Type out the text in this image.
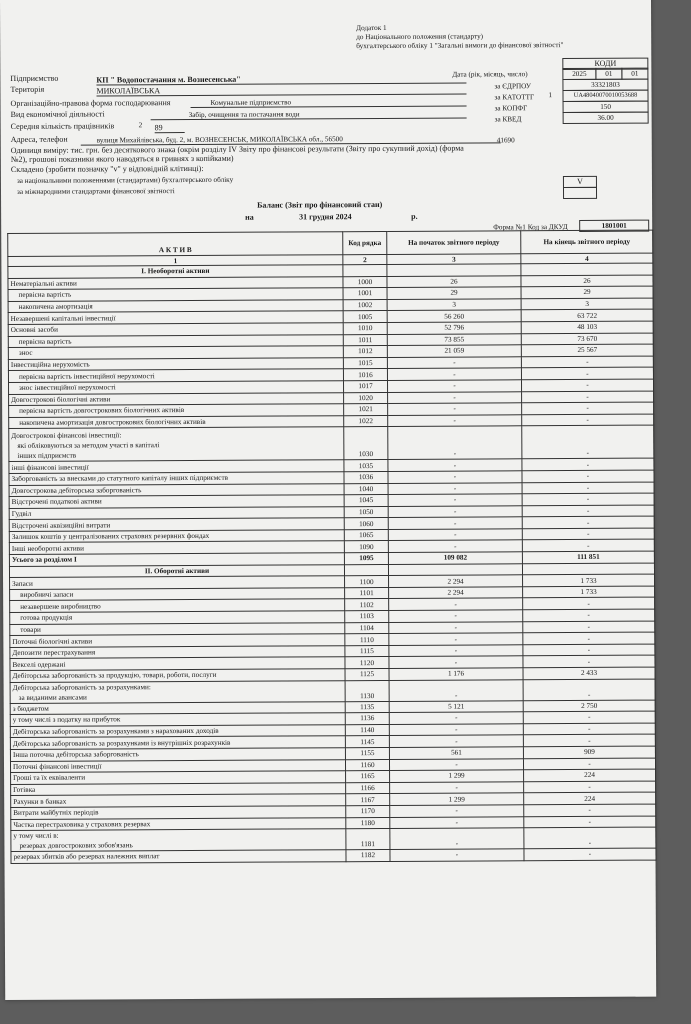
Додаток 1
до Національного положення (стандарту)
бухгалтерського обліку 1 "Загальні вимоги до фінансової звітності"
КОДИ
Дата (рік, місяць, число)	2025	01	01
за ЄДРПОУ	33321803
за КАТОТТГ 1	UA48040070010053688
за КОПФГ	150
за КВЕД	36.00
Підприємство	КП " Водопостачання м. Вознесенська"
Територія	МИКОЛАЇВСЬКА
Організаційно-правова форма господарювання	Комунальне підприємство
Вид економічної діяльності	Забір, очищення та постачання води
Середня кількість працівників	2 89
Адреса, телефон	вулиця Михайлівська, буд. 2, м. ВОЗНЕСЕНСЬК, МИКОЛАЇВСЬКА обл., 56500	41690
Одиниця виміру: тис. грн. без десяткового знака (окрім розділу IV Звіту про фінансові результати (Звіту про сукупний дохід) (форма
№2), грошові показники якого наводяться в гривнях з копійками)
Складено (зробити позначку "v" у відповідній клітинці):
за національними положеннями (стандартами) бухгалтерського обліку
за міжнародними стандартами фінансової звітності
V
Баланс (Звіт про фінансовий стан)
на	31 грудня 2024	р.
Форма №1 Код за ДКУД	1801001
А К Т И В	Код рядка	На початок звітного періоду	На кінець звітного періоду
1	2	3	4
І. Необоротні активи			
Нематеріальні активи	1000	26	26
первісна вартість	1001	29	29
накопичена амортизація	1002	3	3
Незавершені капітальні інвестиції	1005	56 260	63 722
Основні засоби	1010	52 796	48 103
первісна вартість	1011	73 855	73 670
знос	1012	21 059	25 567
Інвестиційна нерухомість	1015	-	-
первісна вартість інвестиційної нерухомості	1016	-	-
знос інвестиційної нерухомості	1017	-	-
Довгострокові біологічні активи	1020	-	-
первісна вартість довгострокових біологічних активів	1021	-	-
накопичена амортизація довгострокових біологічних активів	1022	-	-

Довгострокові фінансові інвестиції:
які обліковуються за методом участі в капіталі
інших підприємств	1030	-	-
інші фінансові інвестиції	1035	-	-
Заборгованість за внесками до статутного капіталу інших підприємств	1036	-	-
Довгострокова дебіторська заборгованість	1040	-	-
Відстрочені податкові активи	1045	-	-
Гудвіл	1050	-	-
Відстрочені аквізиційні витрати	1060	-	-
Залишок коштів у централізованих страхових резервних фондах	1065	-	-
Інші необоротні активи	1090	-	-
Усього за розділом І	1095	109 082	111 851
ІІ. Оборотні активи			
Запаси	1100	2 294	1 733
виробничі запаси	1101	2 294	1 733
незавершене виробництво	1102	-	-
готова продукція	1103	-	-
товари	1104	-	-
Поточні біологічні активи	1110	-	-
Депозити перестрахування	1115	-	-
Векселі одержані	1120	-	-
Дебіторська заборгованість за продукцію, товари, роботи, послуги	1125	1 176	2 433

Дебіторська заборгованість за розрахунками:
за виданими авансами	1130	-	-
з бюджетом	1135	5 121	2 750
у тому числі з податку на прибуток	1136	-	-
Дебіторська заборгованість за розрахунками з нарахованих доходів	1140	-	-
Дебіторська заборгованість за розрахунками із внутрішніх розрахунків	1145	-	-
Інша поточна дебіторська заборгованість	1155	561	909
Поточні фінансові інвестиції	1160	-	-
Гроші та їх еквіваленти	1165	1 299	224
Готівка	1166	-	-
Рахунки в банках	1167	1 299	224
Витрати майбутніх періодів	1170	-	-
Частка перестраховика у страхових резервах	1180	-	-

у тому числі в:
резервах довгострокових зобов'язань	1181	-	-
резервах збитків або резервах належних виплат	1182	-	-
